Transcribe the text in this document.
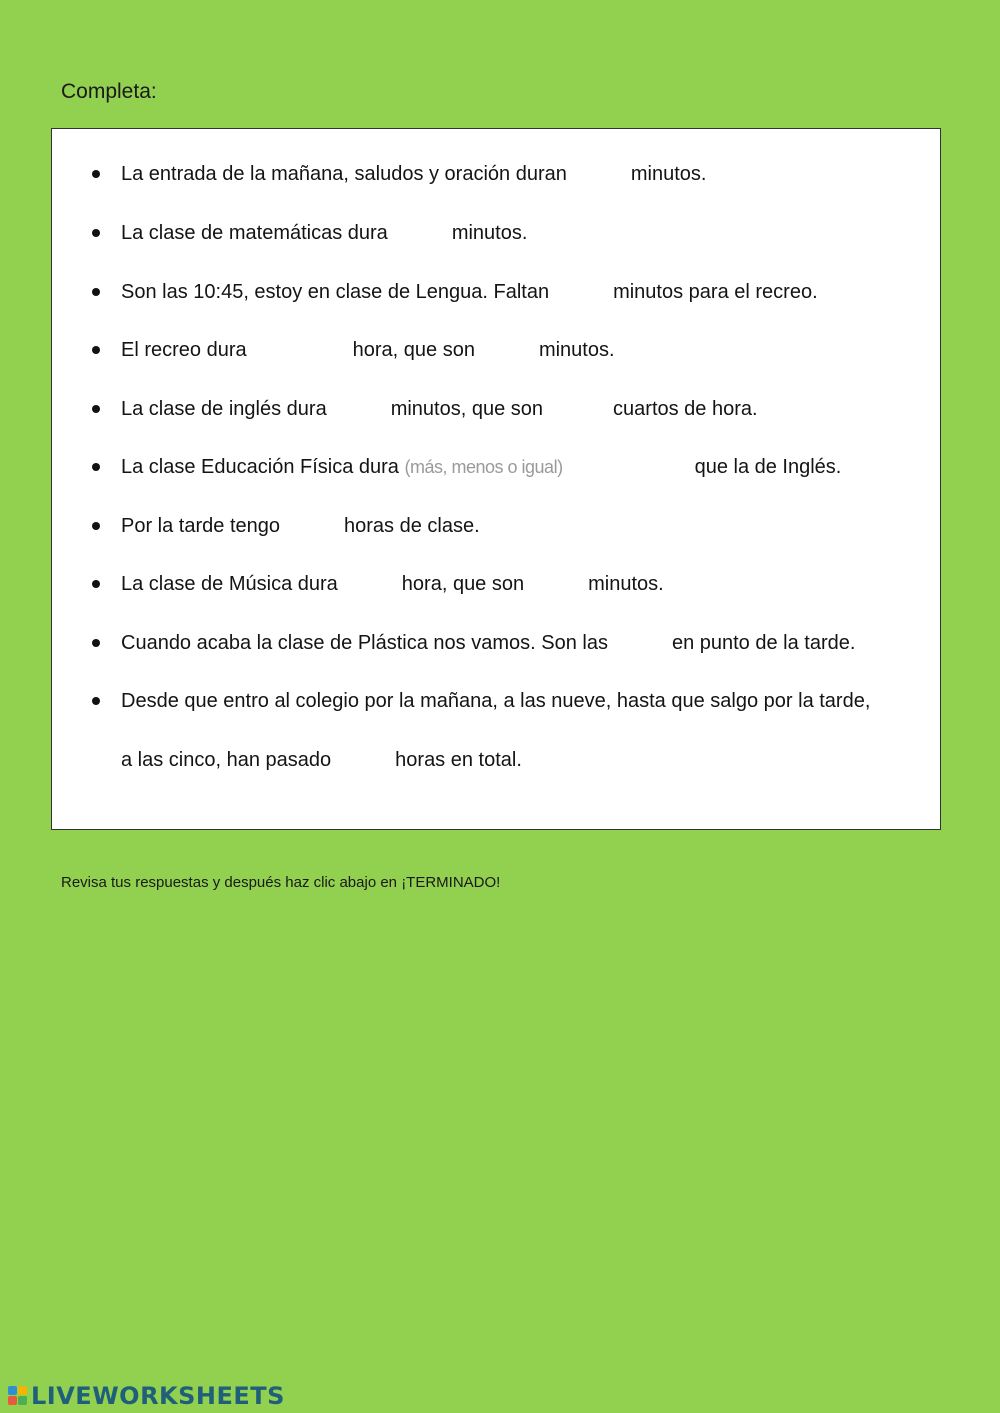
Completa:
La entrada de la mañana, saludos y oración duran	minutos.
La clase de matemáticas dura	minutos.
Son las 10:45, estoy en clase de Lengua. Faltan	minutos para el recreo.
El recreo dura	hora, que son	minutos.
La clase de inglés dura	minutos, que son	cuartos de hora.
La clase Educación Física dura (más, menos o igual)	que la de Inglés.
Por la tarde tengo	horas de clase.
La clase de Música dura	hora, que son	minutos.
Cuando acaba la clase de Plástica nos vamos. Son las	en punto de la tarde.
Desde que entro al colegio por la mañana, a las nueve, hasta que salgo por la tarde,
a las cinco, han pasado	horas en total.
Revisa tus respuestas y después haz clic abajo en ¡TERMINADO!
LIVEWORKSHEETS
